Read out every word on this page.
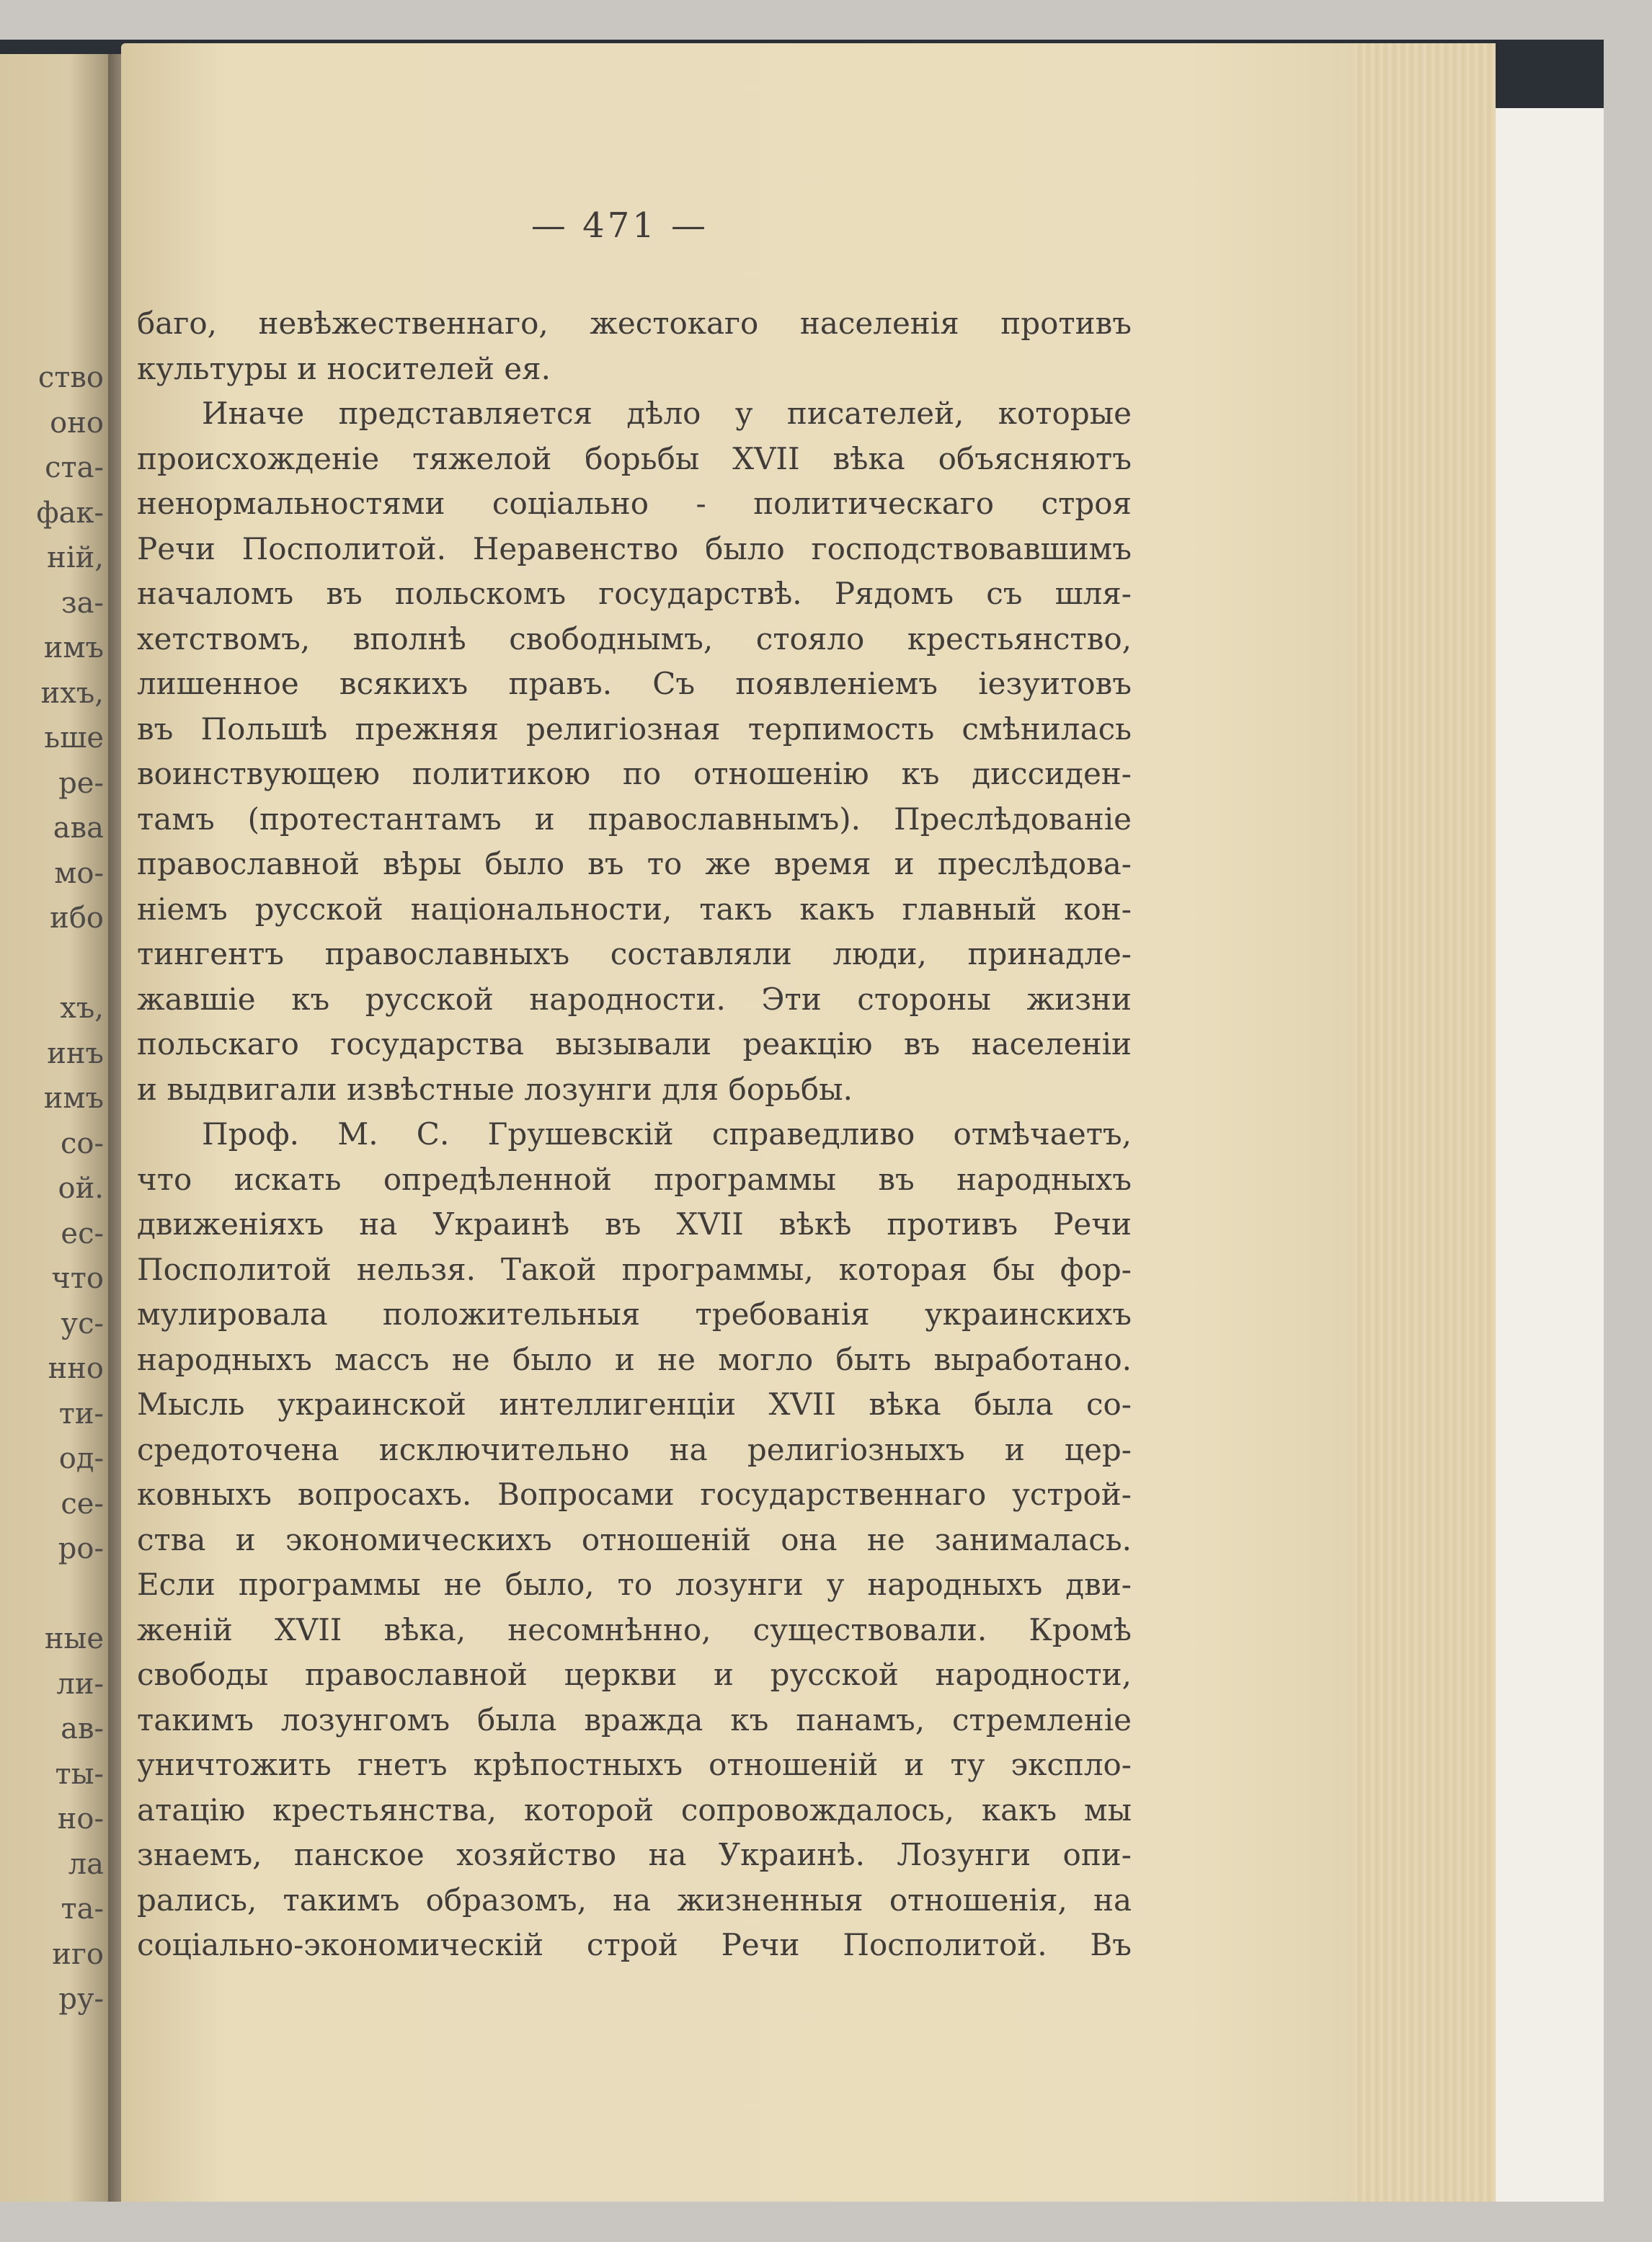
ство
оно
ста-
фак-
ній,
за-
имъ
ихъ,
ьше
ре-
ава
мо-
ибо
хъ,
инъ
имъ
со-
ой.
ес-
что
ус-
нно
ти-
од-
се-
ро-
ные
ли-
ав-
ты-
но-
ла
та-
иго
ру-
— 471 —
баго, невѣжественнаго, жестокаго населенія противъ
культуры и носителей ея.
Иначе представляется дѣло у писателей, которые
происхожденіе тяжелой борьбы XVII вѣка объясняютъ
ненормальностями соціально - политическаго строя
Речи Посполитой. Неравенство было господствовавшимъ
началомъ въ польскомъ государствѣ. Рядомъ съ шля-
хетствомъ, вполнѣ свободнымъ, стояло крестьянство,
лишенное всякихъ правъ. Съ появленіемъ іезуитовъ
въ Польшѣ прежняя религіозная терпимость смѣнилась
воинствующею политикою по отношенію къ диссиден-
тамъ (протестантамъ и православнымъ). Преслѣдованіе
православной вѣры было въ то же время и преслѣдова-
ніемъ русской національности, такъ какъ главный кон-
тингентъ православныхъ составляли люди, принадле-
жавшіе къ русской народности. Эти стороны жизни
польскаго государства вызывали реакцію въ населеніи
и выдвигали извѣстные лозунги для борьбы.
Проф. М. С. Грушевскій справедливо отмѣчаетъ,
что искать опредѣленной программы въ народныхъ
движеніяхъ на Украинѣ въ XVII вѣкѣ противъ Речи
Посполитой нельзя. Такой программы, которая бы фор-
мулировала положительныя требованія украинскихъ
народныхъ массъ не было и не могло быть выработано.
Мысль украинской интеллигенціи XVII вѣка была со-
средоточена исключительно на религіозныхъ и цер-
ковныхъ вопросахъ. Вопросами государственнаго устрой-
ства и экономическихъ отношеній она не занималась.
Если программы не было, то лозунги у народныхъ дви-
женій XVII вѣка, несомнѣнно, существовали. Кромѣ
свободы православной церкви и русской народности,
такимъ лозунгомъ была вражда къ панамъ, стремленіе
уничтожить гнетъ крѣпостныхъ отношеній и ту экспло-
атацію крестьянства, которой сопровождалось, какъ мы
знаемъ, панское хозяйство на Украинѣ. Лозунги опи-
рались, такимъ образомъ, на жизненныя отношенія, на
соціально-экономическій строй Речи Посполитой. Въ
